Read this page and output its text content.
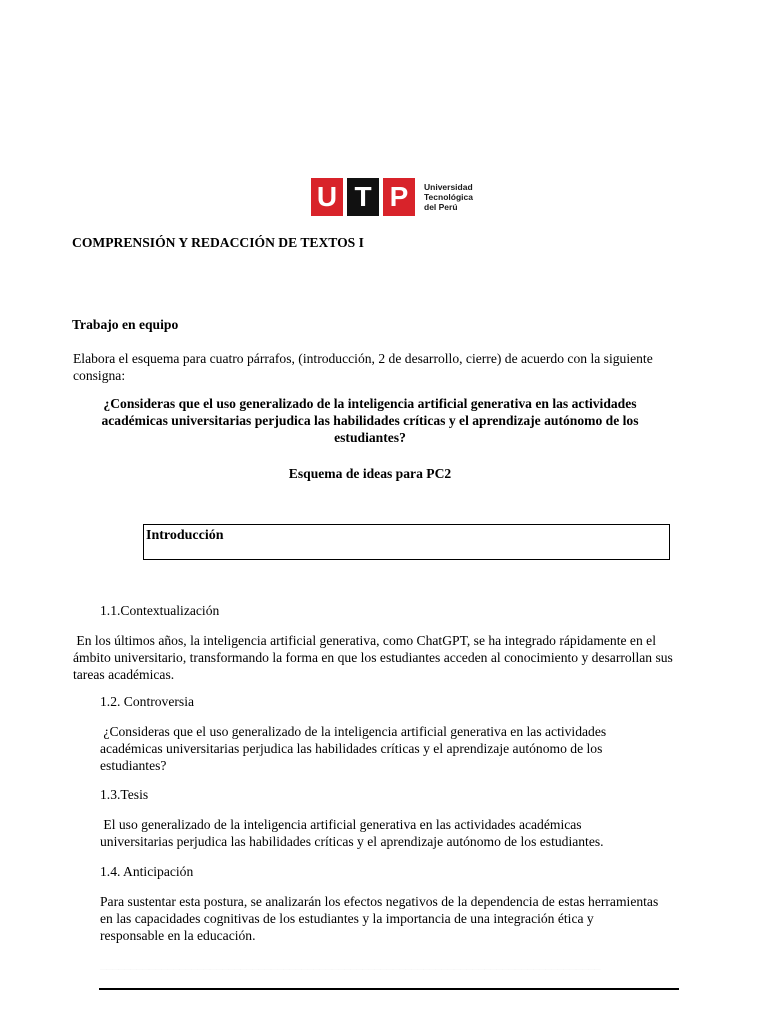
U T P	Universidad
Tecnológica
del Perú
COMPRENSIÓN Y REDACCIÓN DE TEXTOS I
Trabajo en equipo
Elabora el esquema para cuatro párrafos, (introducción, 2 de desarrollo, cierre) de acuerdo con la siguiente consigna:
¿Consideras que el uso generalizado de la inteligencia artificial generativa en las actividades académicas universitarias perjudica las habilidades críticas y el aprendizaje autónomo de los estudiantes?
Esquema de ideas para PC2
Introducción
1.1.Contextualización
En los últimos años, la inteligencia artificial generativa, como ChatGPT, se ha integrado rápidamente en el ámbito universitario, transformando la forma en que los estudiantes acceden al conocimiento y desarrollan sus tareas académicas.
1.2. Controversia
¿Consideras que el uso generalizado de la inteligencia artificial generativa en las actividades académicas universitarias perjudica las habilidades críticas y el aprendizaje autónomo de los estudiantes?
1.3.Tesis
El uso generalizado de la inteligencia artificial generativa en las actividades académicas universitarias perjudica las habilidades críticas y el aprendizaje autónomo de los estudiantes.
1.4. Anticipación
Para sustentar esta postura, se analizarán los efectos negativos de la dependencia de estas herramientas en las capacidades cognitivas de los estudiantes y la importancia de una integración ética y responsable en la educación.
__________________________________________________________________________________
